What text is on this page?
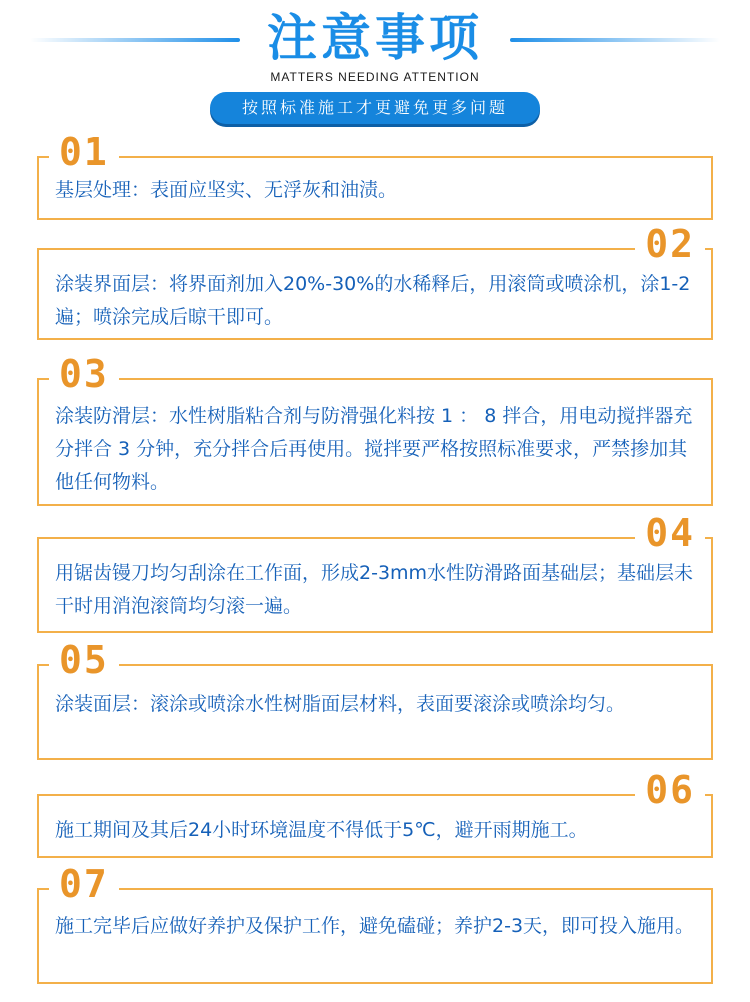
注意事项
MATTERS NEEDING ATTENTION
按照标准施工才更避免更多问题
01
基层处理：表面应坚实、无浮灰和油渍。
02
涂装界面层：将界面剂加入20%-30%的水稀释后，用滚筒或喷涂机，涂1-2遍；喷涂完成后晾干即可。
03
涂装防滑层：水性树脂粘合剂与防滑强化料按 1 ： 8 拌合，用电动搅拌器充分拌合 3 分钟，充分拌合后再使用。搅拌要严格按照标准要求，严禁掺加其他任何物料。
04
用锯齿镘刀均匀刮涂在工作面，形成2-3mm水性防滑路面基础层；基础层未干时用消泡滚筒均匀滚一遍。
05
涂装面层：滚涂或喷涂水性树脂面层材料，表面要滚涂或喷涂均匀。
06
施工期间及其后24小时环境温度不得低于5℃，避开雨期施工。
07
施工完毕后应做好养护及保护工作，避免磕碰；养护2-3天，即可投入施用。
